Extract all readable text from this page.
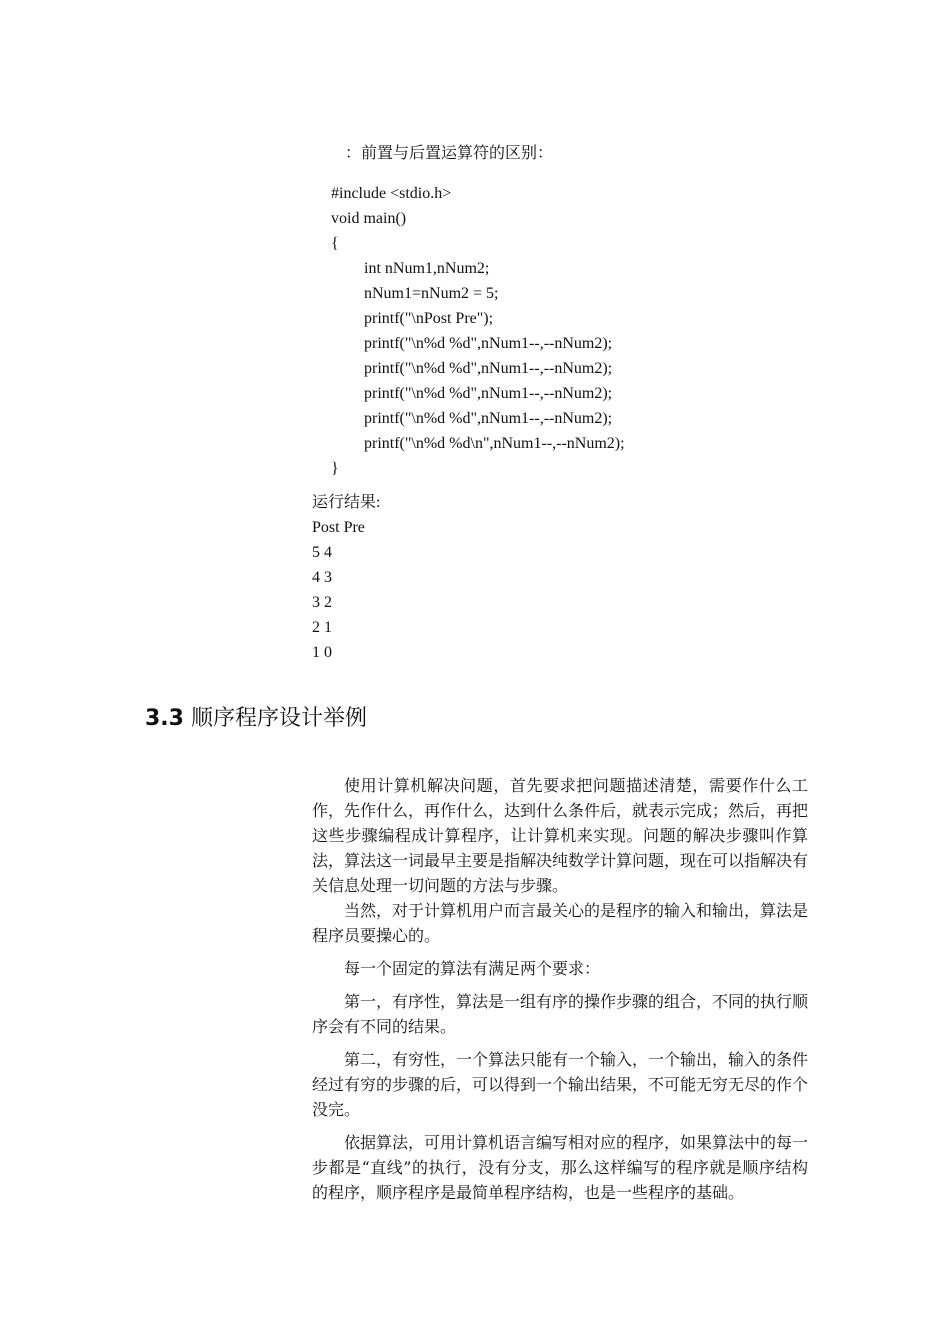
：前置与后置运算符的区别：
#include <stdio.h>
void main()
{
int nNum1,nNum2;
nNum1=nNum2 = 5;
printf("\nPost Pre");
printf("\n%d %d",nNum1--,--nNum2);
printf("\n%d %d",nNum1--,--nNum2);
printf("\n%d %d",nNum1--,--nNum2);
printf("\n%d %d",nNum1--,--nNum2);
printf("\n%d %d\n",nNum1--,--nNum2);
}
运行结果:
Post Pre
5 4
4 3
3 2
2 1
1 0
3.3 顺序程序设计举例

使用计算机解决问题，首先要求把问题描述清楚，需要作什么工作，先作什么，再作什么，达到什么条件后，就表示完成；然后，再把这些步骤编程成计算程序，让计算机来实现。问题的解决步骤叫作算法，算法这一词最早主要是指解决纯数学计算问题，现在可以指解决有关信息处理一切问题的方法与步骤。

当然，对于计算机用户而言最关心的是程序的输入和输出，算法是程序员要操心的。

每一个固定的算法有满足两个要求：

第一，有序性，算法是一组有序的操作步骤的组合，不同的执行顺序会有不同的结果。

第二，有穷性，一个算法只能有一个输入，一个输出，输入的条件经过有穷的步骤的后，可以得到一个输出结果，不可能无穷无尽的作个没完。

依据算法，可用计算机语言编写相对应的程序，如果算法中的每一步都是“直线”的执行，没有分支，那么这样编写的程序就是顺序结构的程序，顺序程序是最简单程序结构，也是一些程序的基础。
